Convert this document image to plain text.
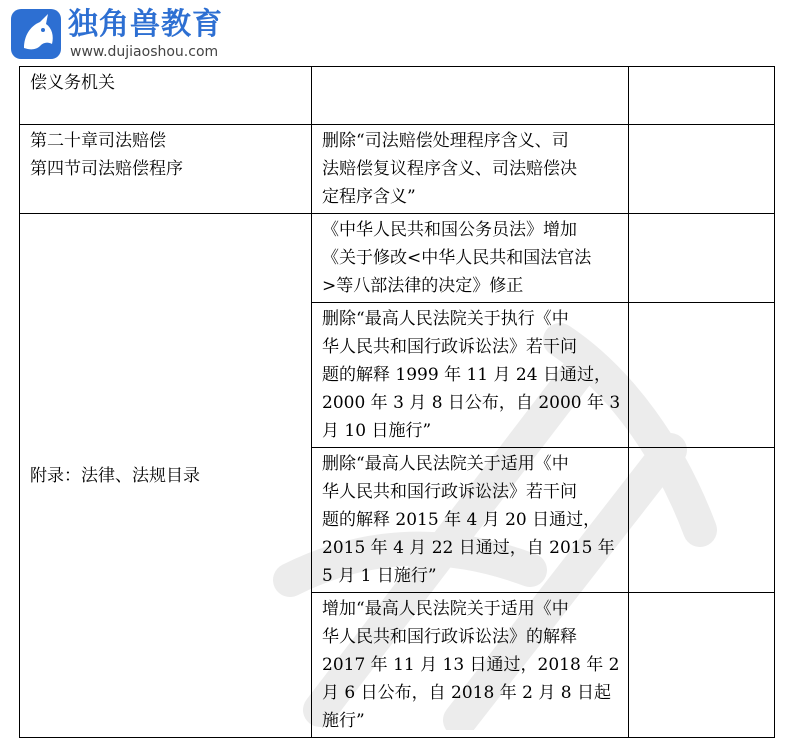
独角兽教育
www.dujiaoshou.com
偿义务机关		

第二十章司法赔偿
第四节司法赔偿程序	删除“司法赔偿处理程序含义、司
法赔偿复议程序含义、司法赔偿决
定程序含义”	

附录：法律、法规目录	《中华人民共和国公务员法》增加
《关于修改<中华人民共和国法官法
>等八部法律的决定》修正	

	删除“最高人民法院关于执行《中
华人民共和国行政诉讼法》若干问
题的解释 1999 年 11 月 24 日通过，
2000 年 3 月 8 日公布，自 2000 年 3
月 10 日施行”	

	删除“最高人民法院关于适用《中
华人民共和国行政诉讼法》若干问
题的解释 2015 年 4 月 20 日通过，
2015 年 4 月 22 日通过，自 2015 年
5 月 1 日施行”	

	增加“最高人民法院关于适用《中
华人民共和国行政诉讼法》的解释
2017 年 11 月 13 日通过，2018 年 2
月 6 日公布，自 2018 年 2 月 8 日起
施行”	
